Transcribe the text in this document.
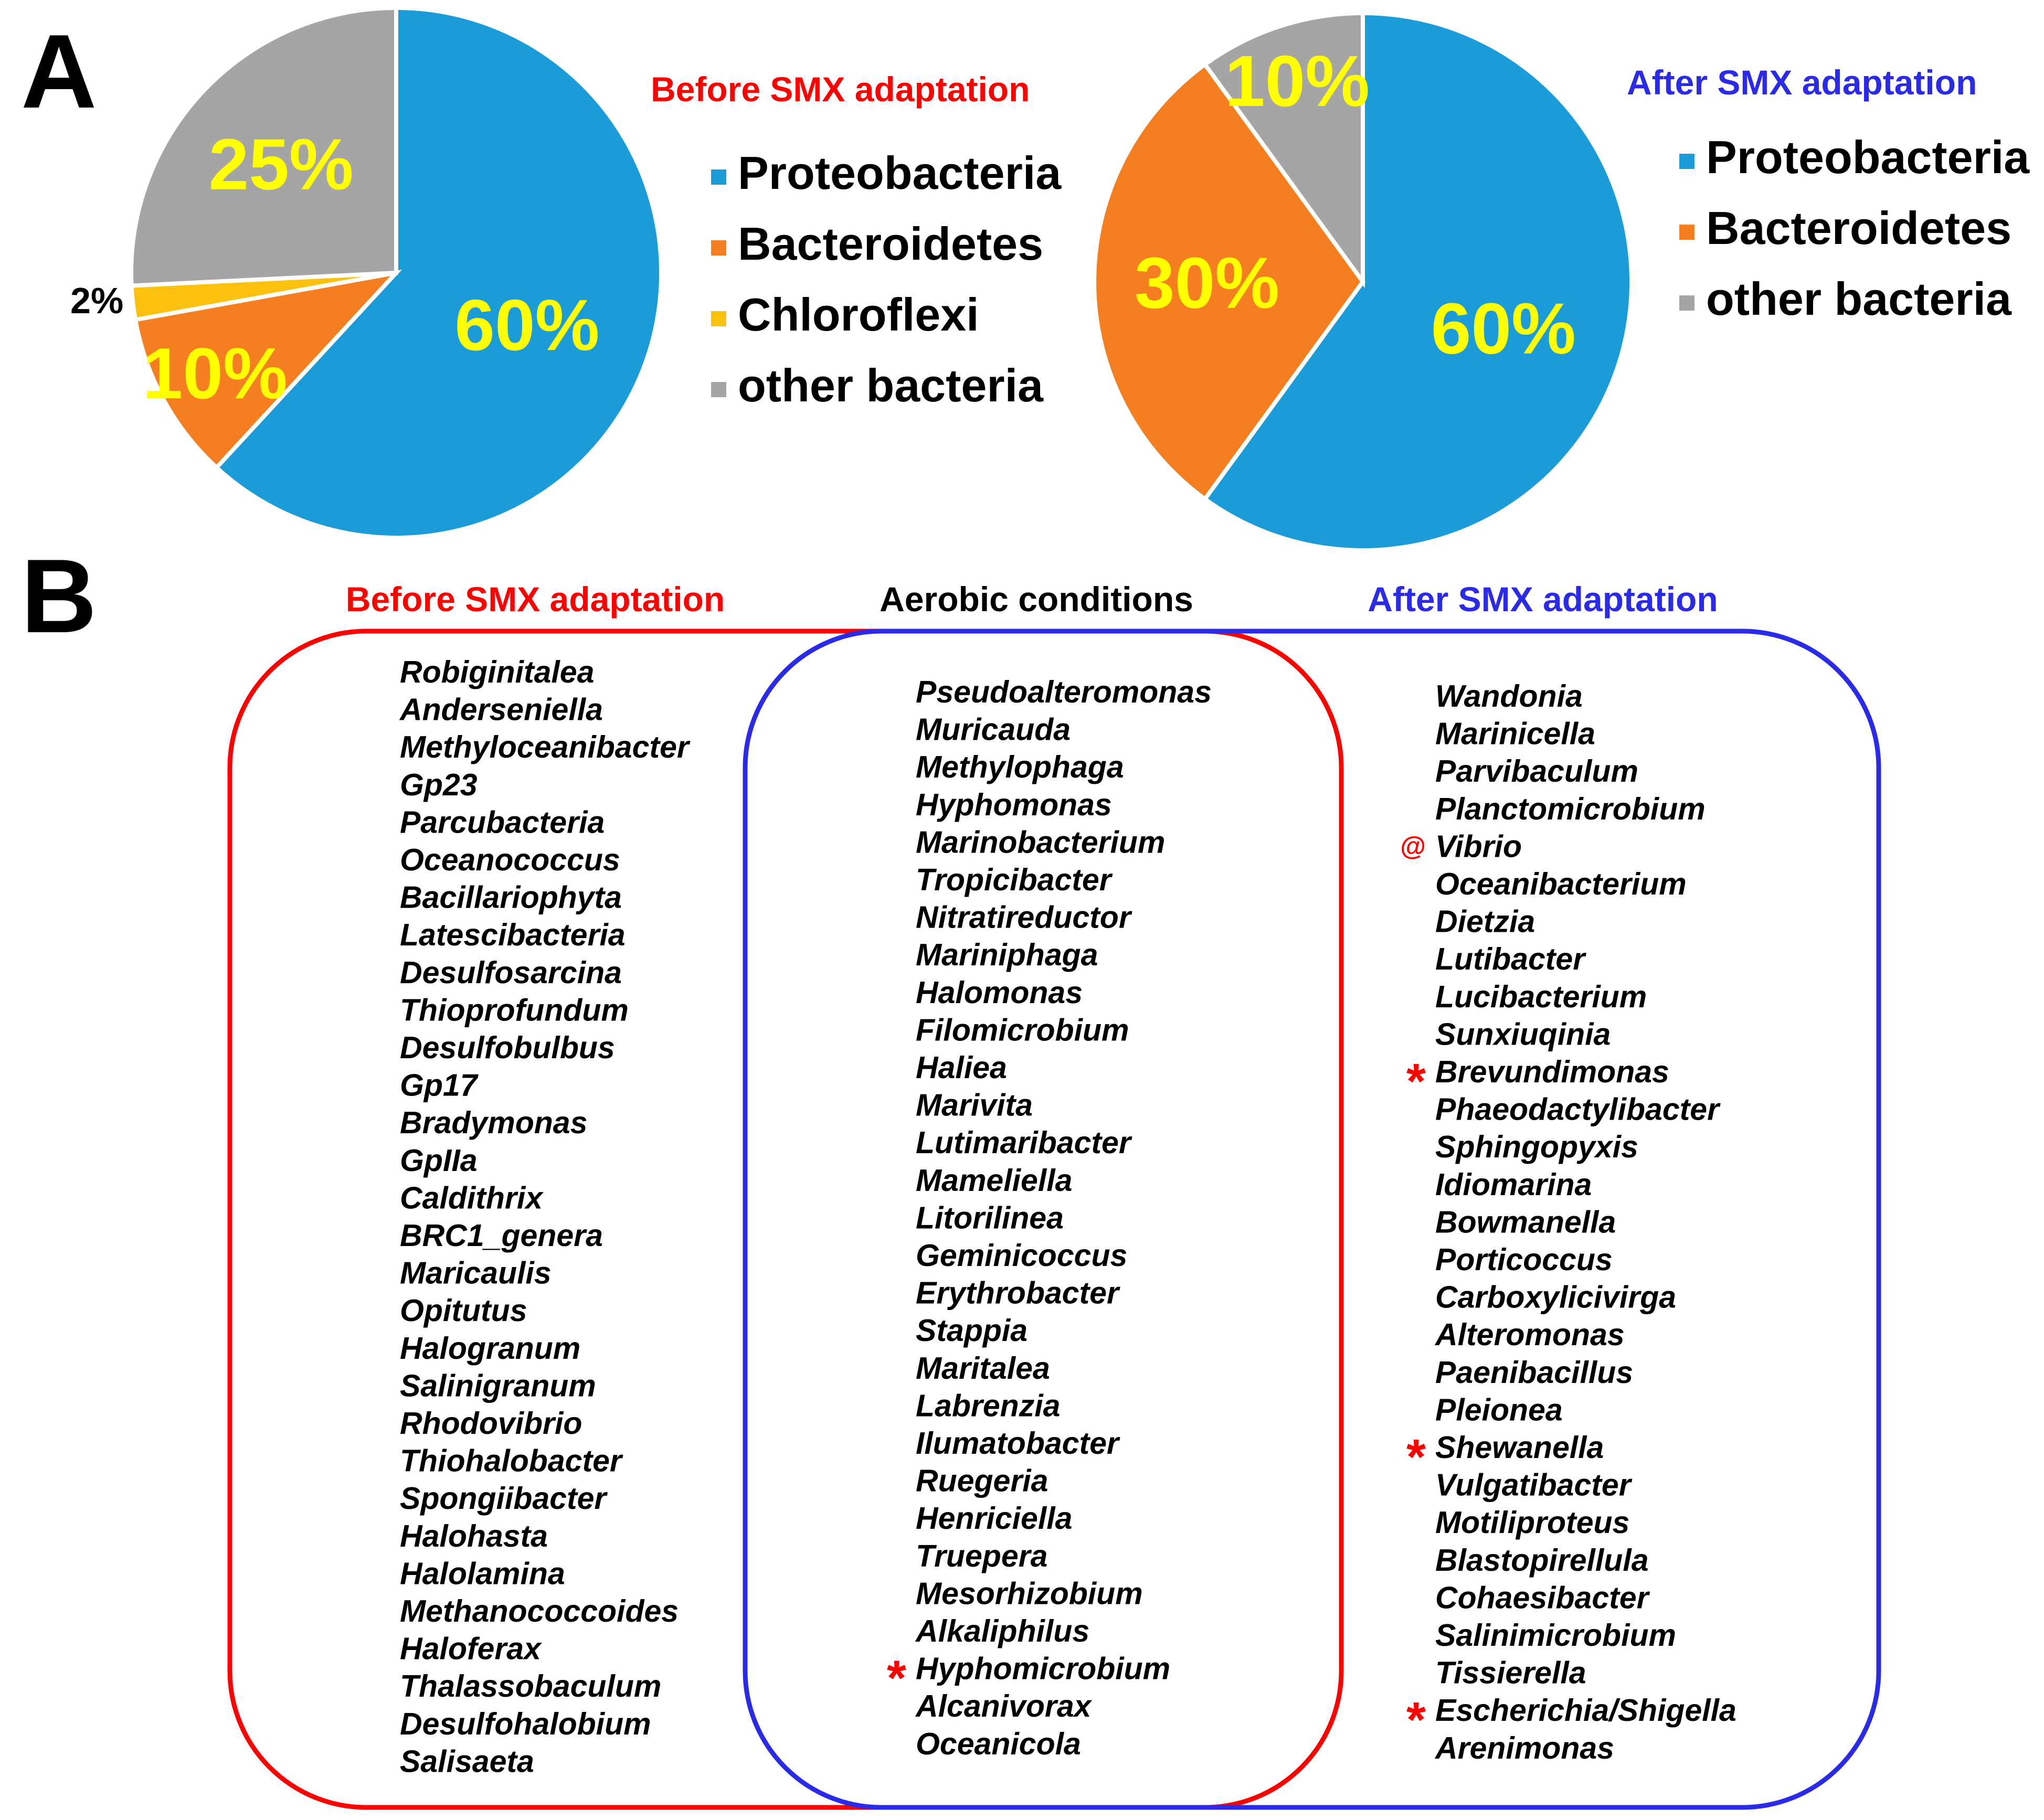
A
60%
10%
2%
25%
Before SMX adaptation
Proteobacteria
Bacteroidetes
Chloroflexi
other bacteria
60%
30%
10%	After SMX adaptation
Proteobacteria
Bacteroidetes
other bacteria
B	Before SMX adaptation	Aerobic conditions	After SMX adaptation
Robiginitalea
Anderseniella
Methyloceanibacter
Gp23
Parcubacteria
Oceanococcus
Bacillariophyta
Latescibacteria
Desulfosarcina
Thioprofundum
Desulfobulbus
Gp17
Bradymonas
GpIIa
Caldithrix
BRC1_genera
Maricaulis
Opitutus
Halogranum
Salinigranum
Rhodovibrio
Thiohalobacter
Spongiibacter
Halohasta
Halolamina
Methanococcoides
Haloferax
Thalassobaculum
Desulfohalobium
Salisaeta
Pseudoalteromonas
Muricauda
Methylophaga
Hyphomonas
Marinobacterium
Tropicibacter
Nitratireductor
Mariniphaga
Halomonas
Filomicrobium
Haliea
Marivita
Lutimaribacter
Mameliella
Litorilinea
Geminicoccus
Erythrobacter
Stappia
Maritalea
Labrenzia
Ilumatobacter
Ruegeria
Henriciella
Truepera
Mesorhizobium
Alkaliphilus
Hyphomicrobium
*
Alcanivorax
Oceanicola
Wandonia
Marinicella
Parvibaculum
Planctomicrobium
Vibrio
@
Oceanibacterium
Dietzia
Lutibacter
Lucibacterium
Sunxiuqinia
Brevundimonas
*
Phaeodactylibacter
Sphingopyxis
Idiomarina
Bowmanella
Porticoccus
Carboxylicivirga
Alteromonas
Paenibacillus
Pleionea
Shewanella
*
Vulgatibacter
Motiliproteus
Blastopirellula
Cohaesibacter
Salinimicrobium
Tissierella
Escherichia/Shigella
*
Arenimonas
